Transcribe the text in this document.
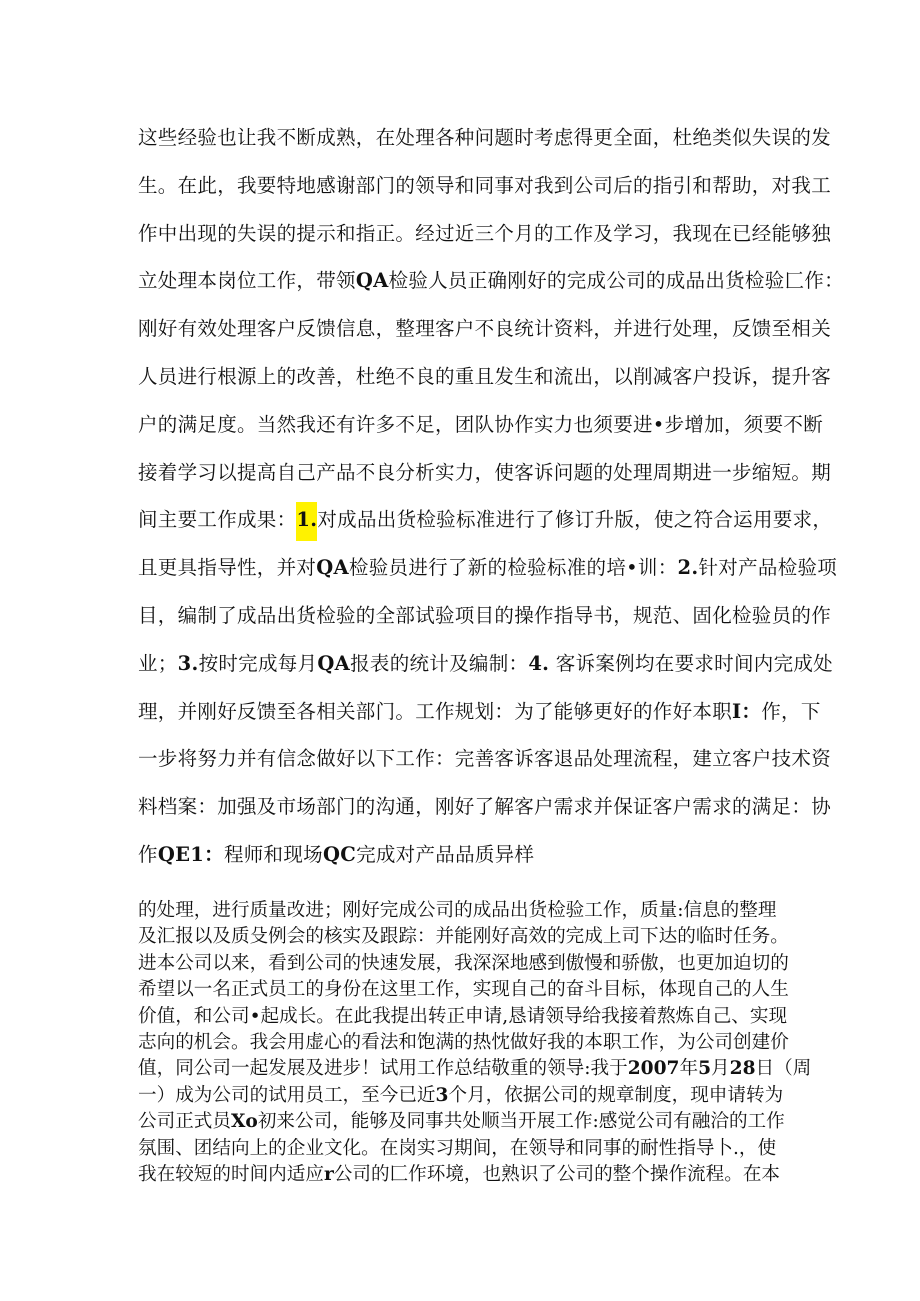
这些经验也让我不断成熟，在处理各种问题时考虑得更全面，杜绝类似失误的发
生。在此，我要特地感谢部门的领导和同事对我到公司后的指引和帮助，对我工
作中出现的失误的提示和指正。经过近三个月的工作及学习，我现在已经能够独
立处理本岗位工作，带领QA检验人员正确刚好的完成公司的成品出货检验匚作：
刚好有效处理客户反馈信息，整理客户不良统计资料，并进行处理，反馈至相关
人员进行根源上的改善，杜绝不良的重且发生和流出，以削减客户投诉，提升客
户的满足度。当然我还有许多不足，团队协作实力也须要进•步增加，须要不断
接着学习以提高自己产品不良分析实力，使客诉问题的处理周期进一步缩短。期
间主要工作成果：1.对成品出货检验标准进行了修订升版，使之符合运用要求，
且更具指导性，并对QA检验员进行了新的检验标准的培•训：2.针对产品检验项
目，编制了成品出货检验的全部试验项目的操作指导书，规范、固化检验员的作
业；3.按时完成每月QA报表的统计及编制：4. 客诉案例均在要求时间内完成处
理，并刚好反馈至各相关部门。工作规划：为了能够更好的作好本职I：作，下
一步将努力并有信念做好以下工作：完善客诉客退品处理流程，建立客户技术资
料档案：加强及市场部门的沟通，刚好了解客户需求并保证客户需求的满足：协
作QE1：程师和现场QC完成对产品品质异样
的处理，进行质量改进；刚好完成公司的成品出货检验工作，质量:信息的整理
及汇报以及质殳例会的核实及跟踪：并能刚好高效的完成上司下达的临时任务。
进本公司以来，看到公司的快速发展，我深深地感到傲慢和骄傲，也更加迫切的
希望以一名正式员工的身份在这里工作，实现自己的奋斗目标，体现自己的人生
价值，和公司•起成长。在此我提出转正申请,恳请领导给我接着熬炼自己、实现
志向的机会。我会用虚心的看法和饱满的热忱做好我的本职工作，为公司创建价
值，同公司一起发展及进步！试用工作总结敬重的领导:我于2007年5月28日（周
一）成为公司的试用员工，至今已近3个月，依据公司的规章制度，现申请转为
公司正式员Xo初来公司，能够及同事共处顺当开展工作:感觉公司有融洽的工作
氛围、团结向上的企业文化。在岗实习期间，在领导和同事的耐性指导卜.，使
我在较短的时间内适应r公司的匚作环境，也熟识了公司的整个操作流程。在本
